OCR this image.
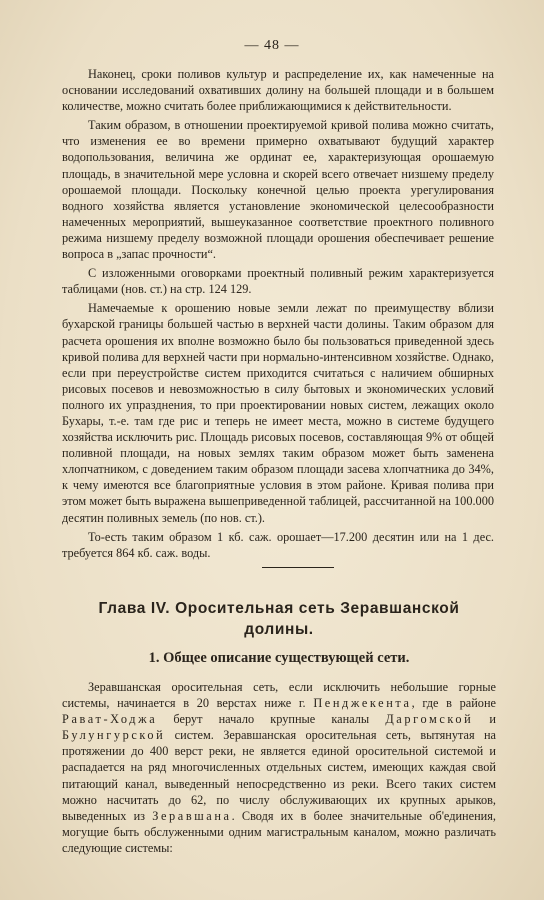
— 48 —

Наконец, сроки поливов культур и распределение их, как намеченные на основании исследований охвативших долину на большей площади и в большем количестве, можно считать более приближающимися к действительности.

Таким образом, в отношении проектируемой кривой полива можно считать, что изменения ее во времени примерно охватывают будущий характер водопользования, величина же ординат ее, характеризующая орошаемую площадь, в значительной мере условна и скорей всего отвечает низшему пределу орошаемой площади. Поскольку конечной целью проекта урегулирования водного хозяйства является установление экономической целесообразности намеченных мероприятий, вышеуказанное соответствие проектного поливного режима низшему пределу возможной площади орошения обеспечивает решение вопроса в „запас прочности“.

С изложенными оговорками проектный поливный режим характеризуется таблицами (нов. ст.) на стр. 124 129.

Намечаемые к орошению новые земли лежат по преимуществу вблизи бухарской границы большей частью в верхней части долины. Таким образом для расчета орошения их вполне возможно было бы пользоваться приведенной здесь кривой полива для верхней части при нормально-интенсивном хозяйстве. Однако, если при переустройстве систем приходится считаться с наличием обширных рисовых посевов и невозможностью в силу бытовых и экономических условий полного их упразднения, то при проектировании новых систем, лежащих около Бухары, т.-е. там где рис и теперь не имеет места, можно в системе будущего хозяйства исключить рис. Площадь рисовых посевов, составляющая 9% от общей поливной площади, на новых землях таким образом может быть заменена хлопчатником, с доведением таким образом площади засева хлопчатника до 34%, к чему имеются все благоприятные условия в этом районе. Кривая полива при этом может быть выражена вышеприведенной таблицей, рассчитанной на 100.000 десятин поливных земель (по нов. ст.).

То-есть таким образом 1 кб. саж. орошает—17.200 десятин или на 1 дес. требуется 864 кб. саж. воды.

Глава IV. Оросительная сеть Зеравшанской долины.
1. Общее описание существующей сети.

Зеравшанская оросительная сеть, если исключить небольшие горные системы, начинается в 20 верстах ниже г. Пенджекента, где в районе Рават-Ходжа берут начало крупные каналы Даргомской и Булунгурской систем. Зеравшанская оросительная сеть, вытянутая на протяжении до 400 верст реки, не является единой оросительной системой и распадается на ряд многочисленных отдельных систем, имеющих каждая свой питающий канал, выведенный непосредственно из реки. Всего таких систем можно насчитать до 62, по числу обслуживающих их крупных арыков, выведенных из Зеравшана. Сводя их в более значительные об'единения, могущие быть обслуженными одним магистральным каналом, можно различать следующие системы:
